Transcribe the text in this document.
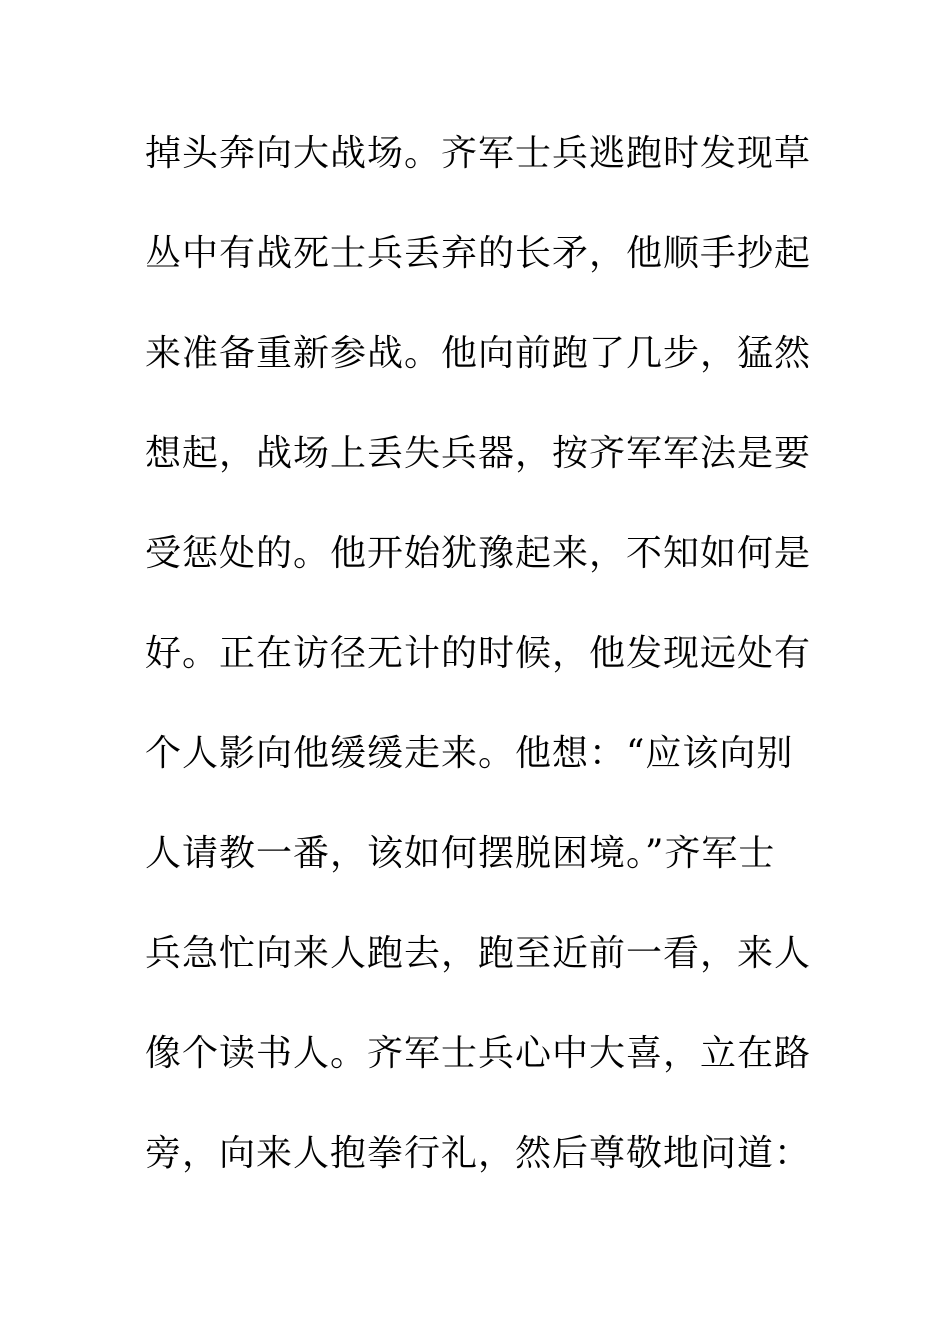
掉头奔向大战场。齐军士兵逃跑时发现草
丛中有战死士兵丢弃的长矛，他顺手抄起
来准备重新参战。他向前跑了几步，猛然
想起，战场上丢失兵器，按齐军军法是要
受惩处的。他开始犹豫起来，不知如何是
好。正在访径无计的时候，他发现远处有
个人影向他缓缓走来。他想：“应该向别
人请教一番，该如何摆脱困境。”齐军士
兵急忙向来人跑去，跑至近前一看，来人
像个读书人。齐军士兵心中大喜，立在路
旁，向来人抱拳行礼，然后尊敬地问道：
